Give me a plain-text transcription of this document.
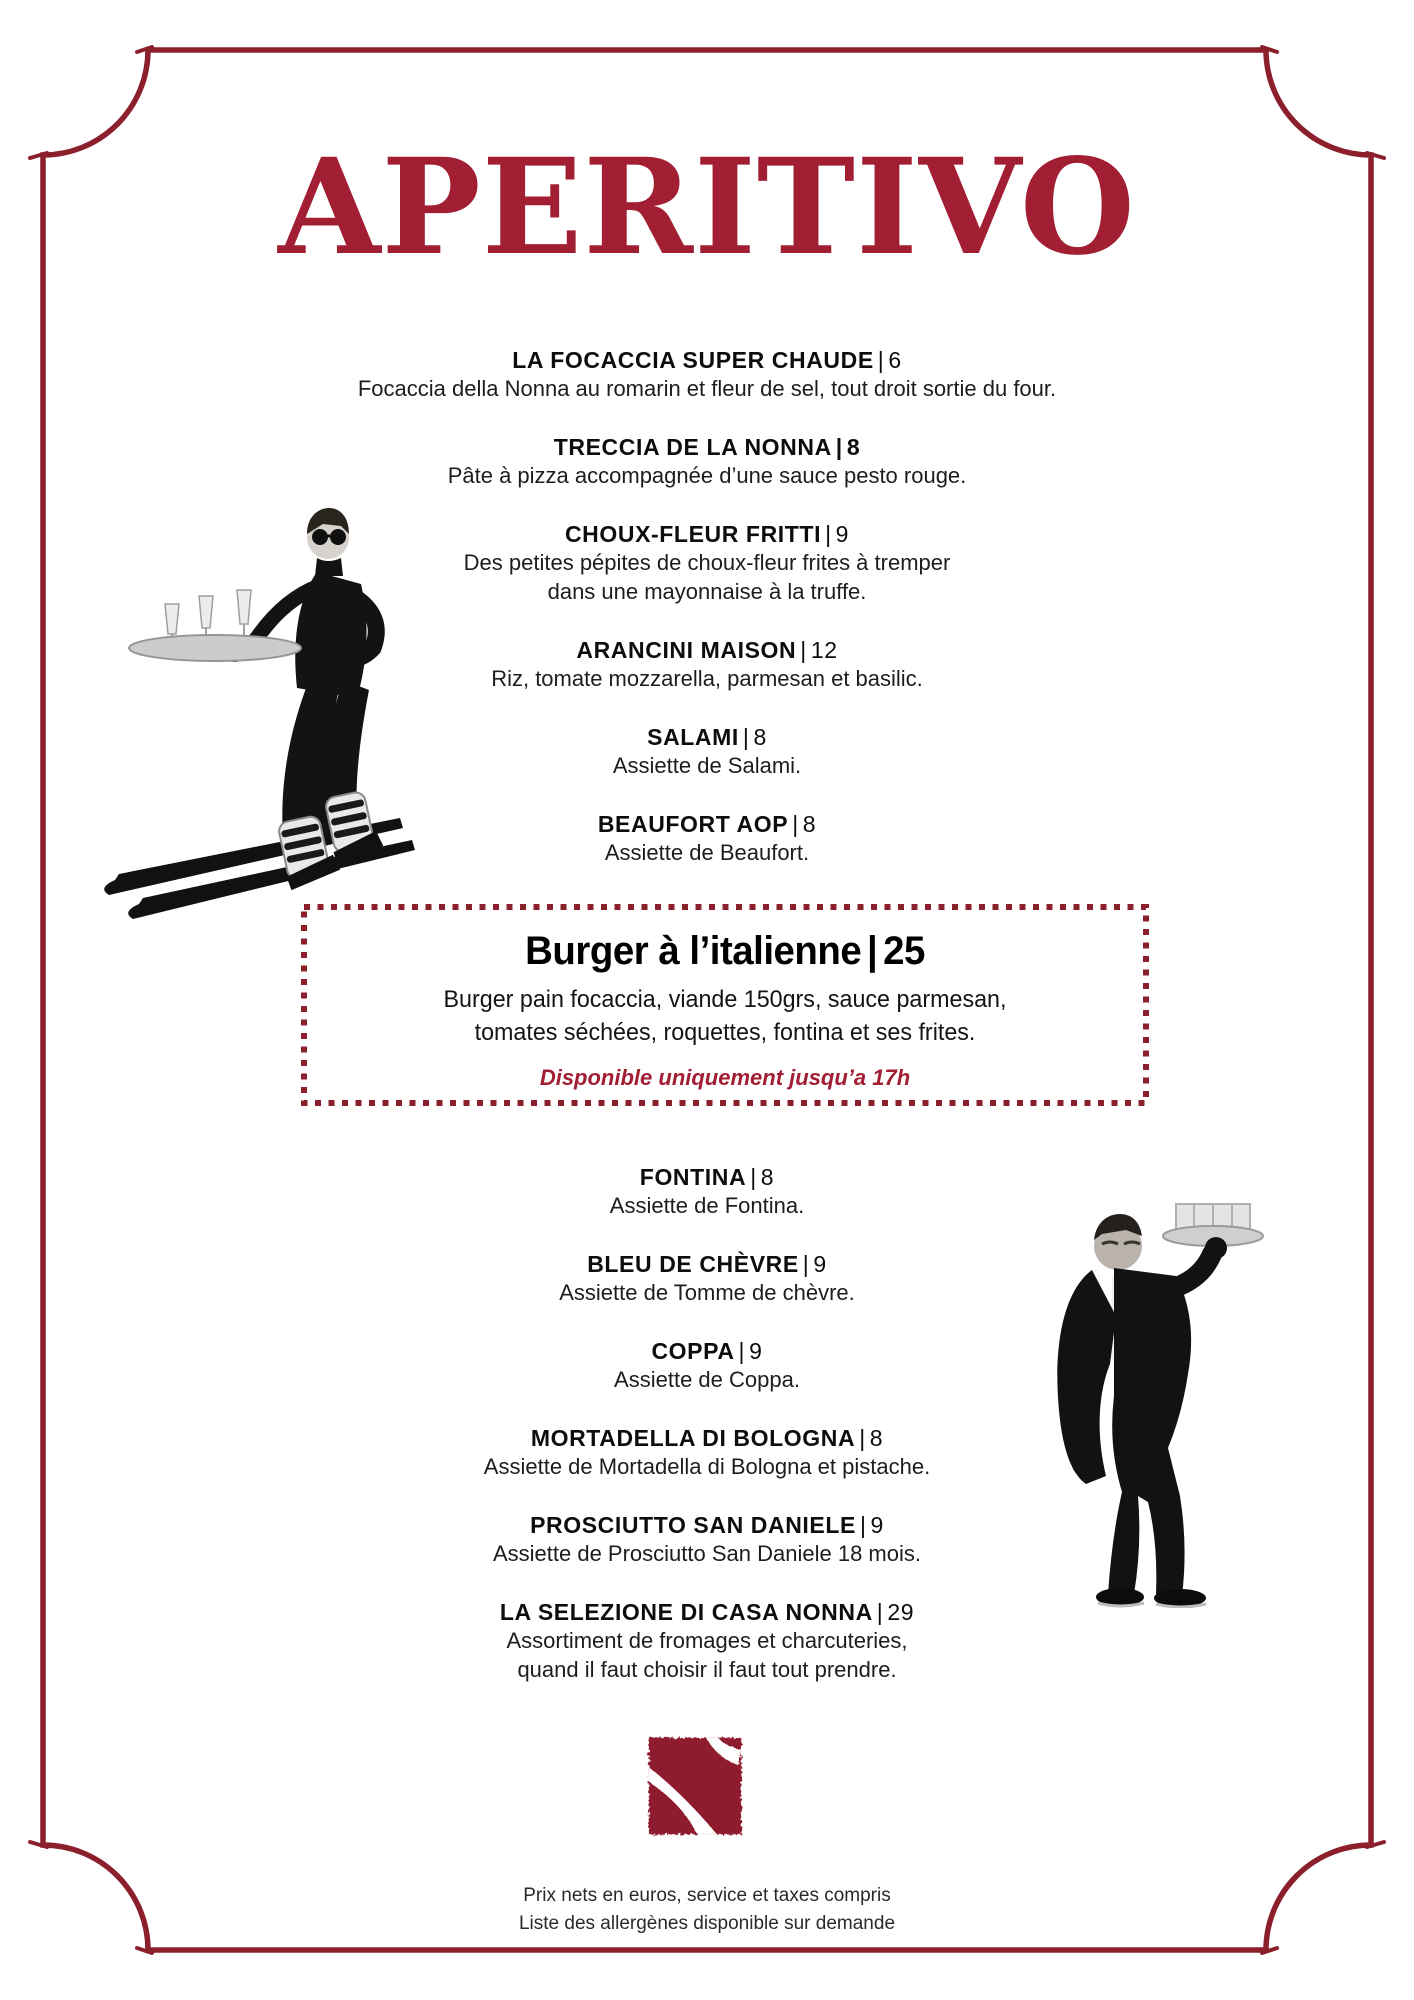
APERITIVO
LA FOCACCIA SUPER CHAUDE | 6
Focaccia della Nonna au romarin et fleur de sel, tout droit sortie du four.
TRECCIA DE LA NONNA | 8
Pâte à pizza accompagnée d’une sauce pesto rouge.
CHOUX-FLEUR FRITTI | 9
Des petites pépites de choux-fleur frites à tremper
dans une mayonnaise à la truffe.
ARANCINI MAISON | 12
Riz, tomate mozzarella, parmesan et basilic.
SALAMI | 8
Assiette de Salami.
BEAUFORT AOP | 8
Assiette de Beaufort.
Burger à l’italienne | 25
Burger pain focaccia, viande 150grs, sauce parmesan,
tomates séchées, roquettes, fontina et ses frites.
Disponible uniquement jusqu’a 17h
FONTINA | 8
Assiette de Fontina.
BLEU DE CHÈVRE | 9
Assiette de Tomme de chèvre.
COPPA | 9
Assiette de Coppa.
MORTADELLA DI BOLOGNA | 8
Assiette de Mortadella di Bologna et pistache.
PROSCIUTTO SAN DANIELE | 9
Assiette de Prosciutto San Daniele 18 mois.
LA SELEZIONE DI CASA NONNA | 29
Assortiment de fromages et charcuteries,
quand il faut choisir il faut tout prendre.
Prix nets en euros, service et taxes compris
Liste des allergènes disponible sur demande
